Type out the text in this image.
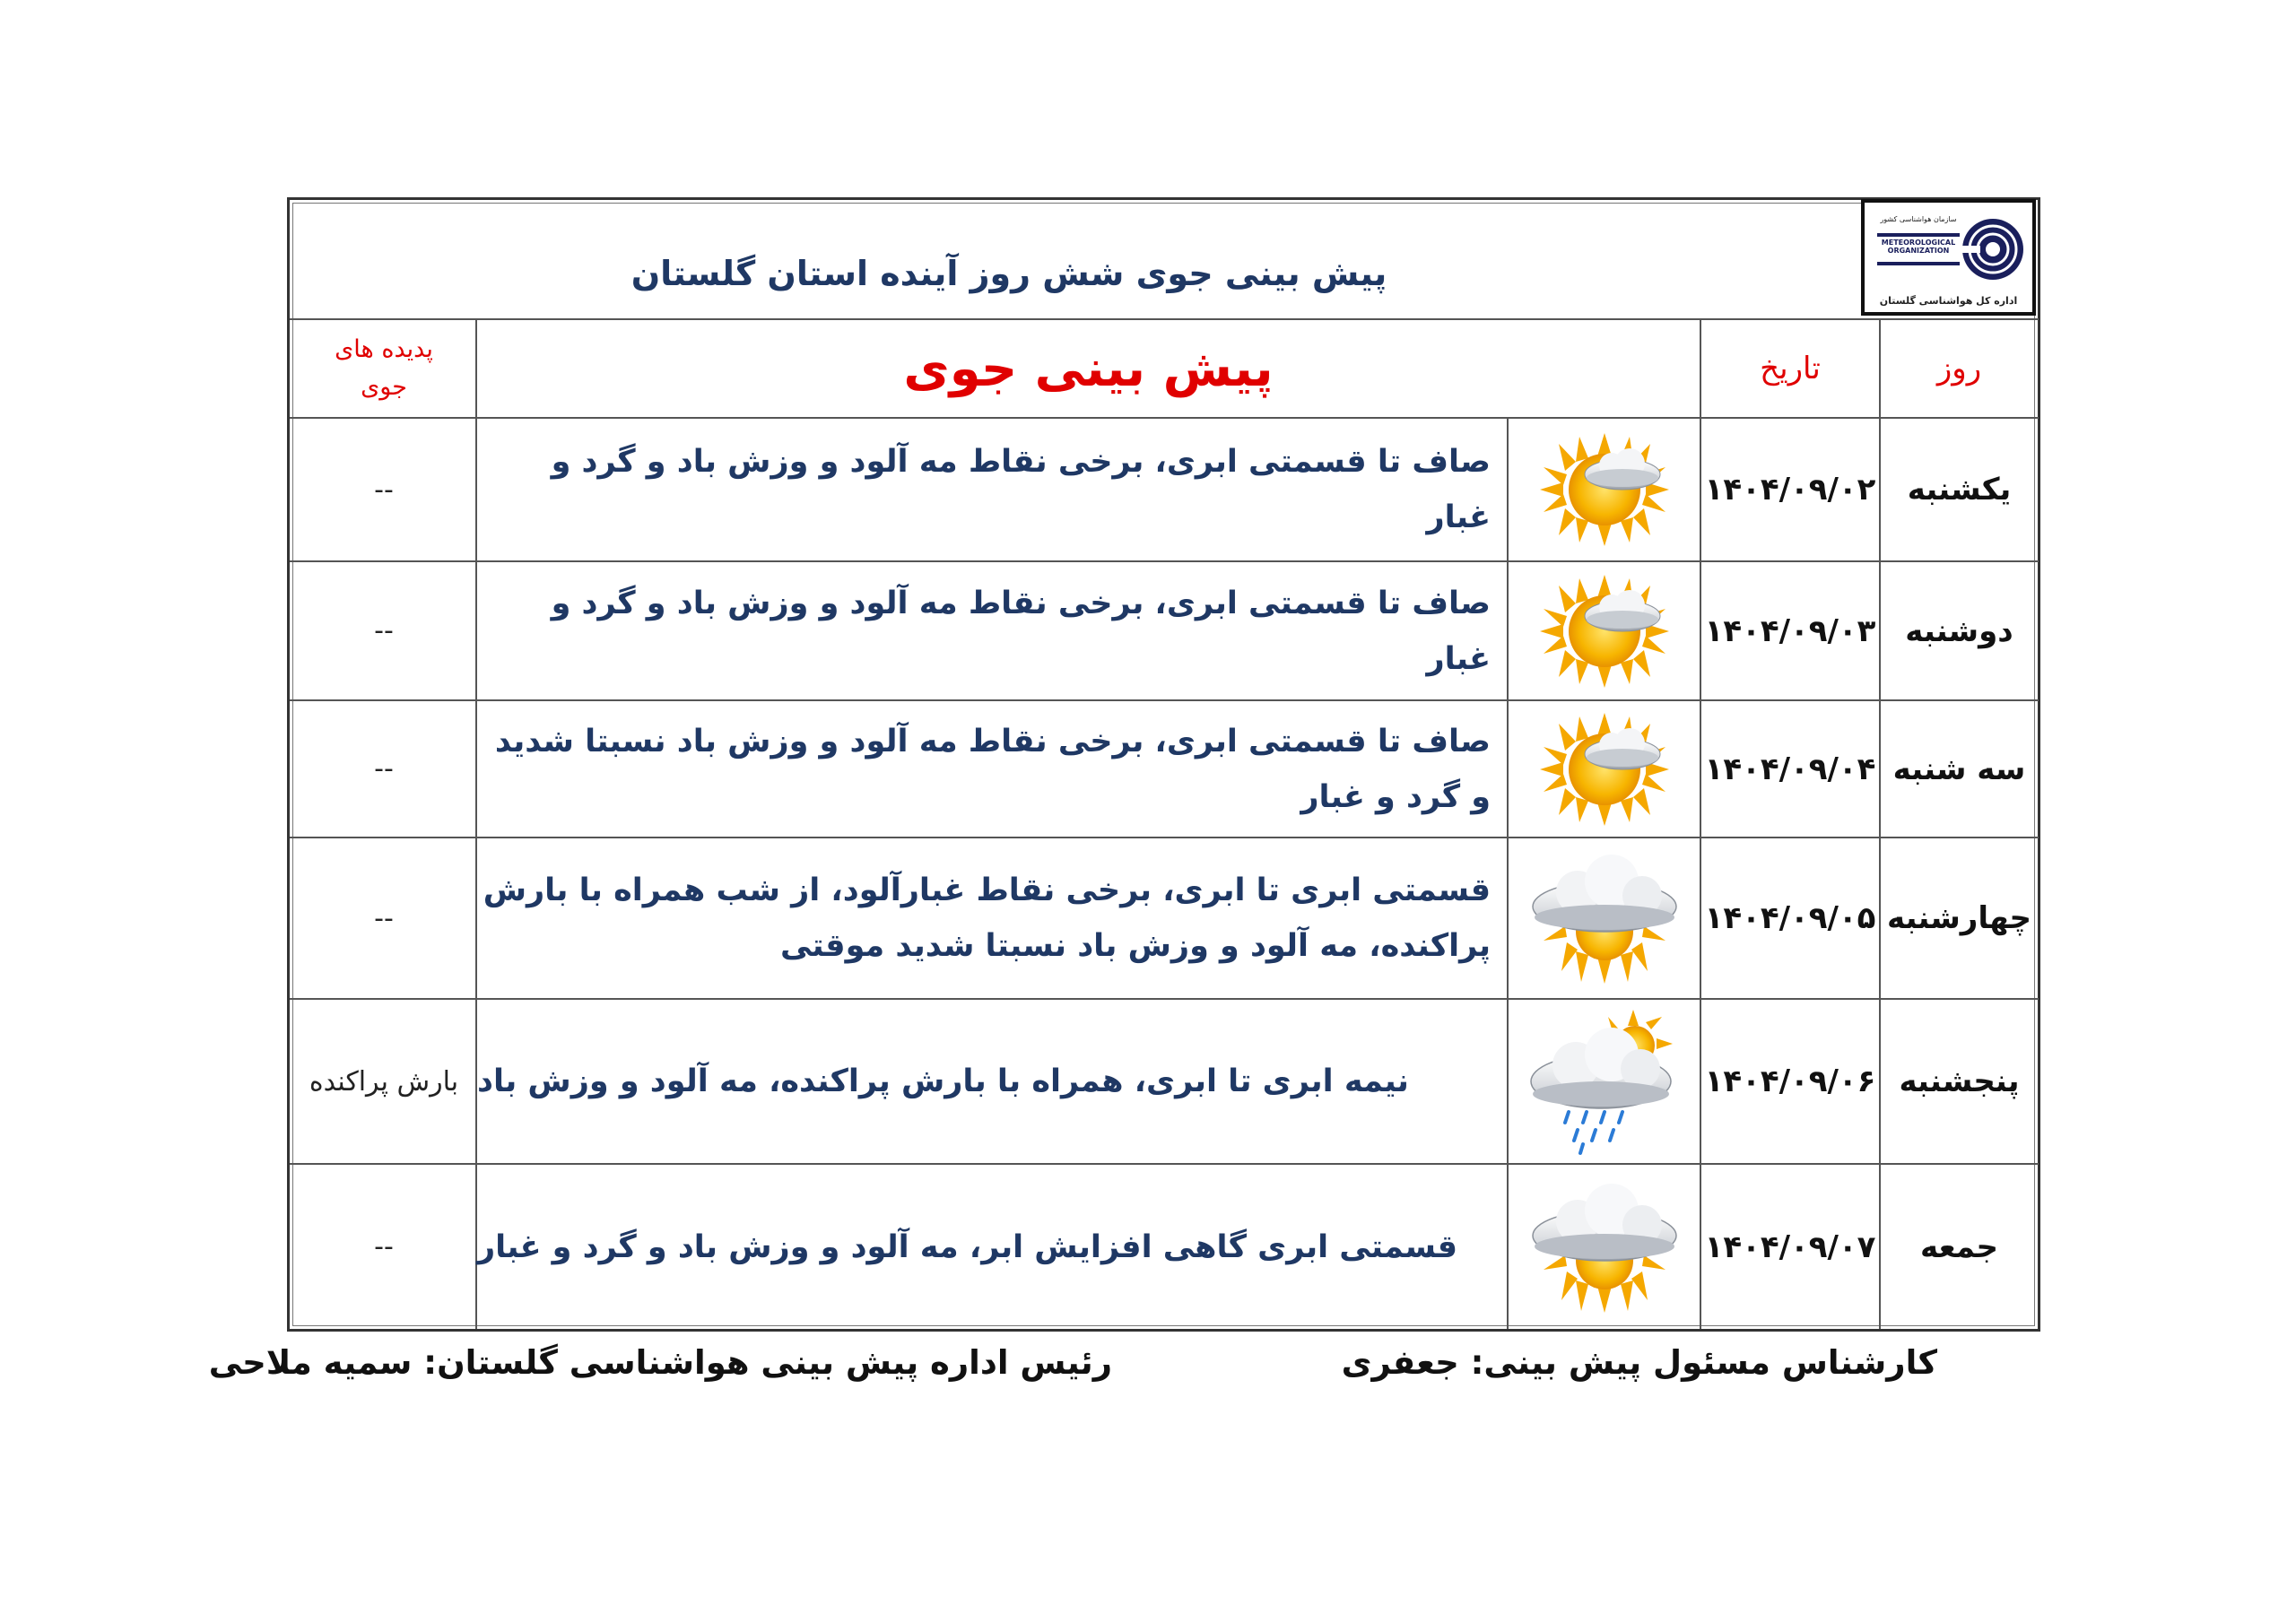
پیش بینی جوی شش روز آینده استان گلستان
سازمان هواشناسی کشور
METEOROLOGICAL ORGANIZATION
اداره کل هواشناسی گلستان
روز
تاریخ
پیش بینی جوی
پدیده های
جوی
یکشنبه
۱۴۰۴/۰۹/۰۲
صاف تا قسمتی ابری، برخی نقاط مه آلود و وزش باد و گرد و غبار
--
دوشنبه
۱۴۰۴/۰۹/۰۳
صاف تا قسمتی ابری، برخی نقاط مه آلود و وزش باد و گرد و غبار
--
سه شنبه
۱۴۰۴/۰۹/۰۴
صاف تا قسمتی ابری، برخی نقاط مه آلود و وزش باد نسبتا شدید و گرد و غبار
--
چهارشنبه
۱۴۰۴/۰۹/۰۵
قسمتی ابری تا ابری، برخی نقاط غبارآلود، از شب همراه با بارش پراکنده، مه آلود و وزش باد نسبتا شدید موقتی
--
پنجشنبه
۱۴۰۴/۰۹/۰۶
نیمه ابری تا ابری، همراه با بارش پراکنده، مه آلود و وزش باد
بارش پراکنده
جمعه
۱۴۰۴/۰۹/۰۷
قسمتی ابری گاهی افزایش ابر، مه آلود و وزش باد و گرد و غبار
--
کارشناس مسئول پیش بینی: جعفری
رئیس اداره پیش بینی هواشناسی گلستان: سمیه ملاحی
